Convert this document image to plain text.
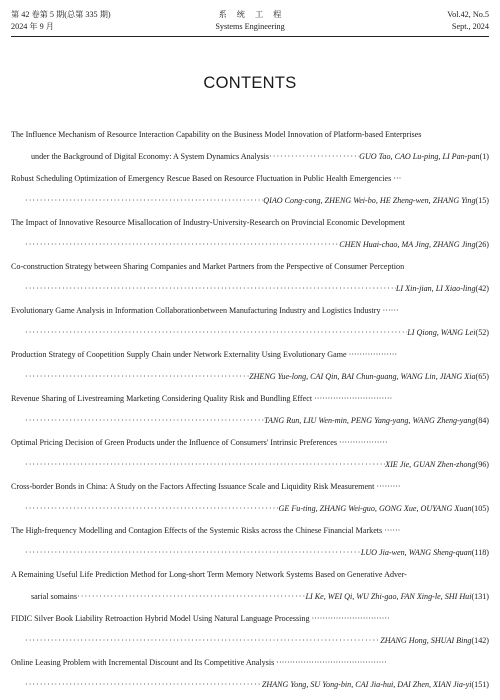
第 42 卷第 5 期(总第 335 期)
2024 年 9 月
系统工程
Systems Engineering
Vol.42, No.5
Sept., 2024
CONTENTS
The Influence Mechanism of Resource Interaction Capability on the Business Model Innovation of Platform-based Enterprises
under the Background of Digital Economy: A System Dynamics Analysis ·····	GUO Tao, CAO Lu-ping, LI Pan-pan (1)
Robust Scheduling Optimization of Emergency Rescue Based on Resource Fluctuation in Public Health Emergencies ···
·····
QIAO Cong-cong, ZHENG Wei-bo, HE Zheng-wen, ZHANG Ying (15)
The Impact of Innovative Resource Misallocation of Industry-University-Research on Provincial Economic Development
·····
CHEN Huai-chao, MA Jing, ZHANG Jing (26)
Co-construction Strategy between Sharing Companies and Market Partners from the Perspective of Consumer Perception
·····
LI Xin-jian, LI Xiao-ling (42)
Evolutionary Game Analysis in Information Collaborationbetween Manufacturing Industry and Logistics Industry ······
·····
LI Qiong, WANG Lei (52)
Production Strategy of Coopetition Supply Chain under Network Externality Using Evolutionary Game ··················
·····
ZHENG Yue-long, CAI Qin, BAI Chun-guang, WANG Lin, JIANG Xia (65)
Revenue Sharing of Livestreaming Marketing Considering Quality Risk and Bundling Effect ·····························
·····
TANG Run, LIU Wen-min, PENG Yang-yang, WANG Zheng-yang (84)
Optimal Pricing Decision of Green Products under the Influence of Consumers' Intrinsic Preferences ··················
·····
XIE Jie, GUAN Zhen-zhong (96)
Cross-border Bonds in China: A Study on the Factors Affecting Issuance Scale and Liquidity Risk Measurement ·········
·····
GE Fu-ting, ZHANG Wei-guo, GONG Xue, OUYANG Xuan (105)
The High-frequency Modelling and Contagion Effects of the Systemic Risks across the Chinese Financial Markets ······
·····
LUO Jia-wen, WANG Sheng-quan (118)
A Remaining Useful Life Prediction Method for Long-short Term Memory Network Systems Based on Generative Adver-
sarial somains ·····	LI Ke, WEI Qi, WU Zhi-gao, FAN Xing-le, SHI Hui (131)
FIDIC Silver Book Liability Retroaction Hybrid Model Using Natural Language Processing ·····························
·····
ZHANG Hong, SHUAI Bing (142)
Online Leasing Problem with Incremental Discount and Its Competitive Analysis ·········································
·····
ZHANG Yong, SU Yong-bin, CAI Jia-hui, DAI Zhen, XIAN Jia-yi (151)
